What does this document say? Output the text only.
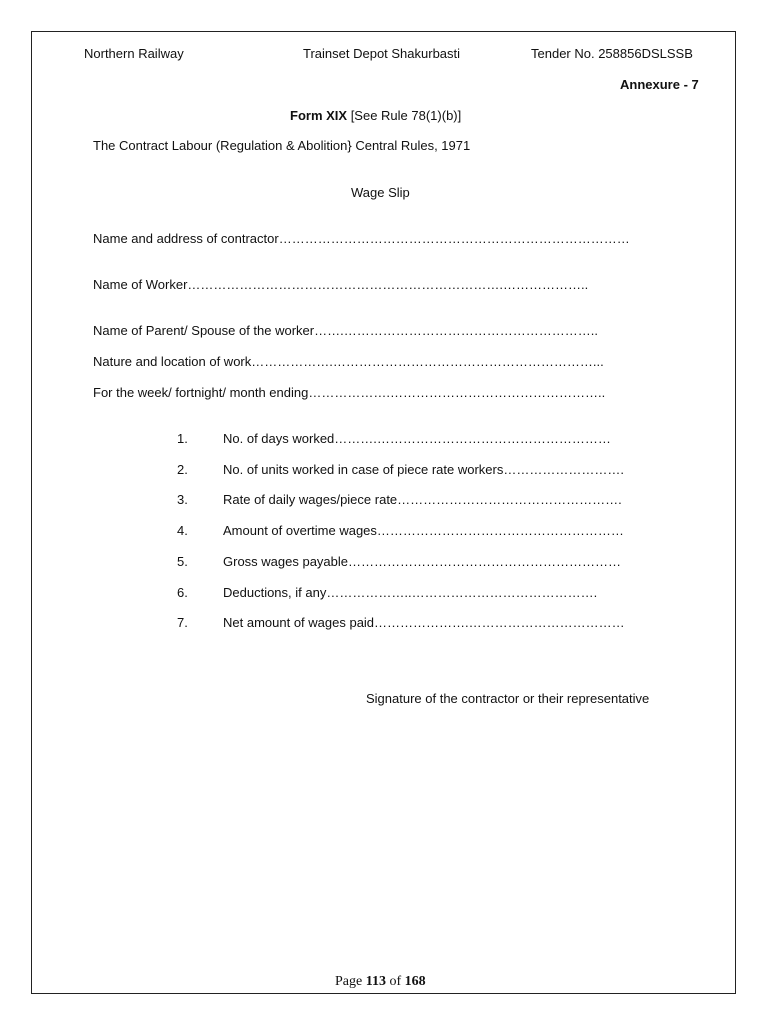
Northern Railway	Trainset Depot Shakurbasti	Tender No. 258856DSLSSB
Annexure - 7
Form XIX [See Rule 78(1)(b)]
The Contract Labour (Regulation & Abolition} Central Rules, 1971
Wage Slip
Name and address of contractor………………………………………………………………………
Name of Worker……………………………………………………………….………………..
Name of Parent/ Spouse of the worker…….…………………………………………………..
Nature and location of work……………….……………………………………………………...
For the week/ fortnight/ month ending……………….…………………………………………..
1.	No. of days worked……….………………………………………………
2.	No. of units worked in case of piece rate workers……………………….
3.	Rate of daily wages/piece rate…………………………………………….
4.	Amount of overtime wages…………………………………………………
5.	Gross wages payable………………………………………………………
6.	Deductions, if any………………..…………………………………….
7.	Net amount of wages paid………………….………………………………
Signature of the contractor or their representative
Page 113 of 168
